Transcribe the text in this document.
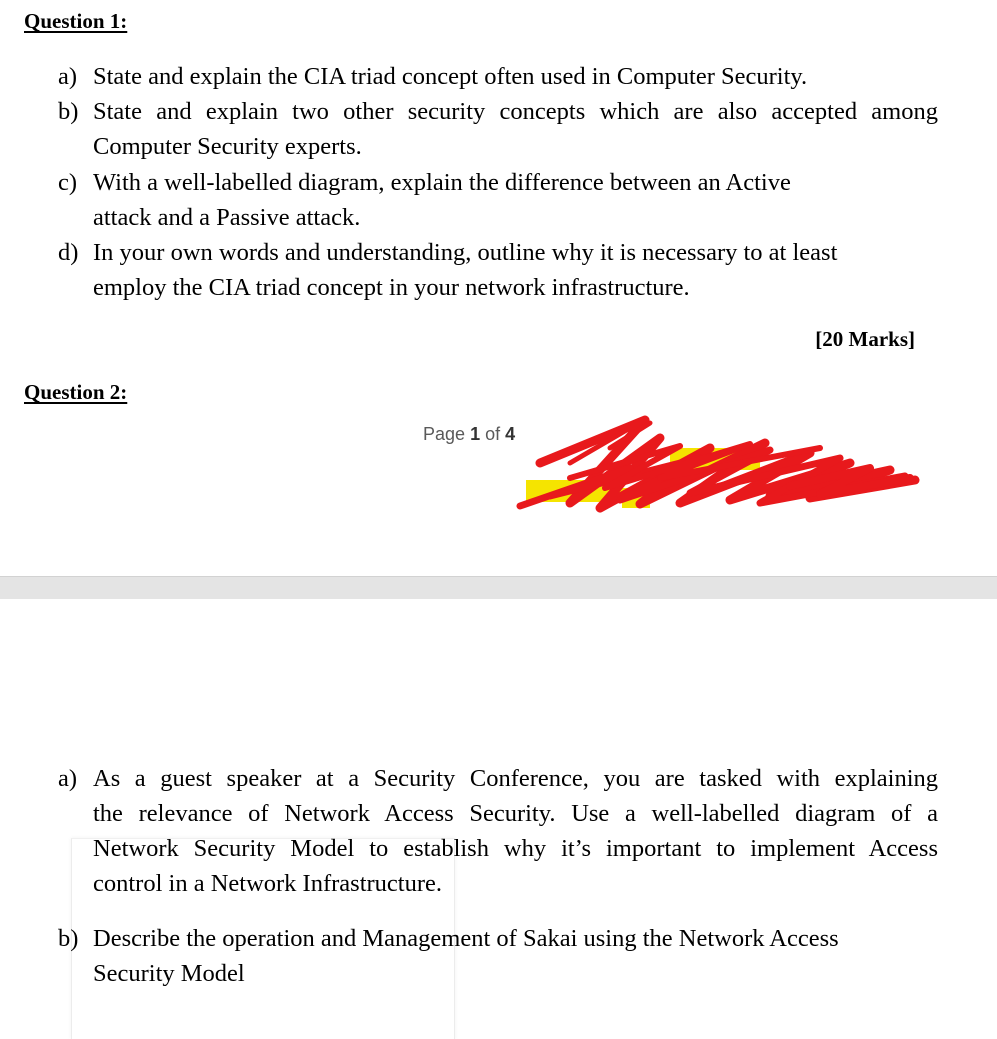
Question 1:
a) State and explain the CIA triad concept often used in Computer Security.
b) State and explain two other security concepts which are also accepted among
Computer Security experts.
c) With a well-labelled diagram, explain the difference between an Active
attack and a Passive attack.
d) In your own words and understanding, outline why it is necessary to at least
employ the CIA triad concept in your network infrastructure.
[20 Marks]
Question 2:
Page 1 of 4
a) As a guest speaker at a Security Conference, you are tasked with explaining
the relevance of Network Access Security. Use a well-labelled diagram of a
Network Security Model to establish why it’s important to implement Access
control in a Network Infrastructure.
b) Describe the operation and Management of Sakai using the Network Access
Security Model
